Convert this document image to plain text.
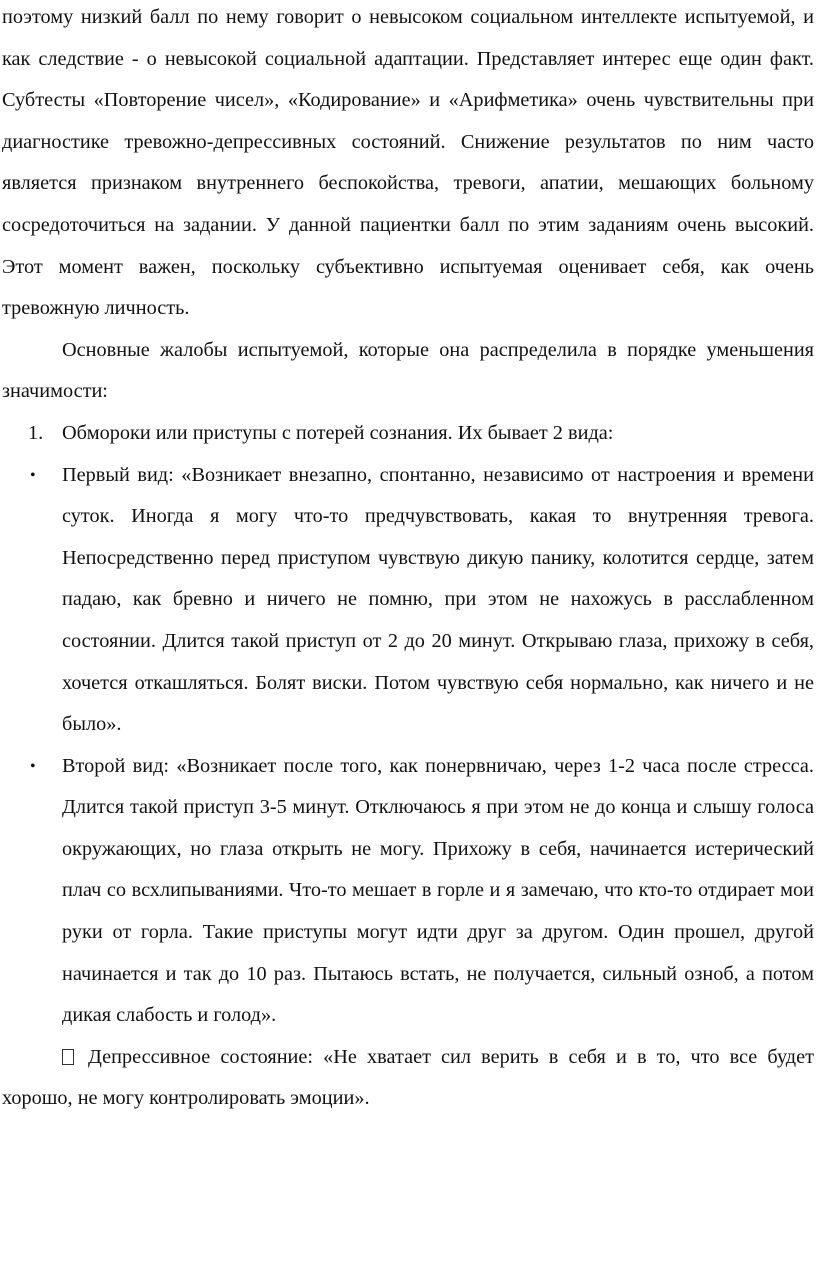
поэтому низкий балл по нему говорит о невысоком социальном интеллекте испытуемой, и как следствие - о невысокой социальной адаптации. Представляет интерес еще один факт. Субтесты «Повторение чисел», «Кодирование» и «Арифметика» очень чувствительны при диагностике тревожно-депрессивных состояний. Снижение результатов по ним часто является признаком внутреннего беспокойства, тревоги, апатии, мешающих больному сосредоточиться на задании. У данной пациентки балл по этим заданиям очень высокий. Этот момент важен, поскольку субъективно испытуемая оценивает себя, как очень тревожную личность.

Основные жалобы испытуемой, которые она распределила в порядке уменьшения значимости:

1. Обмороки или приступы с потерей сознания. Их бывает 2 вида:
• Первый вид: «Возникает внезапно, спонтанно, независимо от настроения и времени суток. Иногда я могу что-то предчувствовать, какая то внутренняя тревога. Непосредственно перед приступом чувствую дикую панику, колотится сердце, затем падаю, как бревно и ничего не помню, при этом не нахожусь в расслабленном состоянии. Длится такой приступ от 2 до 20 минут. Открываю глаза, прихожу в себя, хочется откашляться. Болят виски. Потом чувствую себя нормально, как ничего и не было».
• Второй вид: «Возникает после того, как понервничаю, через 1-2 часа после стресса. Длится такой приступ 3-5 минут. Отключаюсь я при этом не до конца и слышу голоса окружающих, но глаза открыть не могу. Прихожу в себя, начинается истерический плач со всхлипываниями. Что-то мешает в горле и я замечаю, что кто-то отдирает мои руки от горла. Такие приступы могут идти друг за другом. Один прошел, другой начинается и так до 10 раз. Пытаюсь встать, не получается, сильный озноб, а потом дикая слабость и голод».

Депрессивное состояние: «Не хватает сил верить в себя и в то, что все будет хорошо, не могу контролировать эмоции».
